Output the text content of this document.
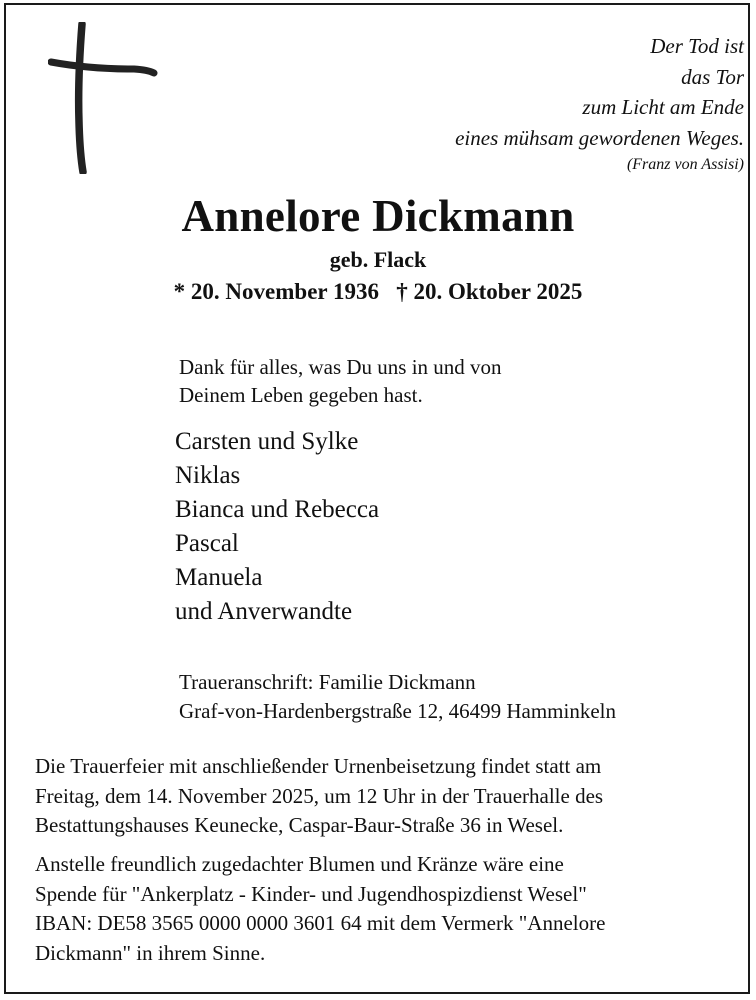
Der Tod ist
das Tor
zum Licht am Ende
eines mühsam gewordenen Weges.
(Franz von Assisi)
Annelore Dickmann
geb. Flack
* 20. November 1936   † 20. Oktober 2025
Dank für alles, was Du uns in und von
Deinem Leben gegeben hast.
Carsten und Sylke
Niklas
Bianca und Rebecca
Pascal
Manuela
und Anverwandte
Traueranschrift: Familie Dickmann
Graf-von-Hardenbergstraße 12, 46499 Hamminkeln
Die Trauerfeier mit anschließender Urnenbeisetzung findet statt am
Freitag, dem 14. November 2025, um 12 Uhr in der Trauerhalle des
Bestattungshauses Keunecke, Caspar-Baur-Straße 36 in Wesel.
Anstelle freundlich zugedachter Blumen und Kränze wäre eine
Spende für "Ankerplatz - Kinder- und Jugendhospizdienst Wesel"
IBAN: DE58 3565 0000 0000 3601 64 mit dem Vermerk "Annelore
Dickmann" in ihrem Sinne.
